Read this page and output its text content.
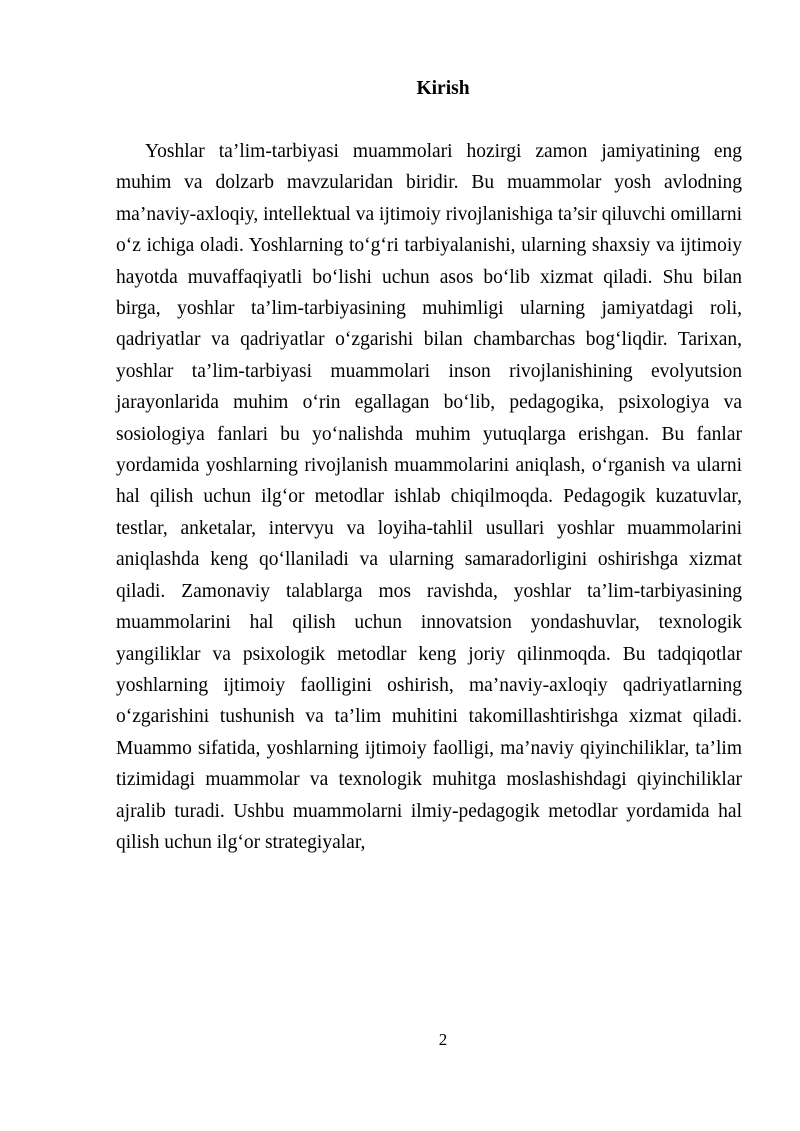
Kirish

Yoshlar ta’lim-tarbiyasi muammolari hozirgi zamon jamiyatining eng muhim va dolzarb mavzularidan biridir. Bu muammolar yosh avlodning ma’naviy-axloqiy, intellektual va ijtimoiy rivojlanishiga ta’sir qiluvchi omillarni o‘z ichiga oladi. Yoshlarning to‘g‘ri tarbiyalanishi, ularning shaxsiy va ijtimoiy hayotda muvaffaqiyatli bo‘lishi uchun asos bo‘lib xizmat qiladi. Shu bilan birga, yoshlar ta’lim-tarbiyasining muhimligi ularning jamiyatdagi roli, qadriyatlar va qadriyatlar o‘zgarishi bilan chambarchas bog‘liqdir. Tarixan, yoshlar ta’lim-tarbiyasi muammolari inson rivojlanishining evolyutsion jarayonlarida muhim o‘rin egallagan bo‘lib, pedagogika, psixologiya va sosiologiya fanlari bu yo‘nalishda muhim yutuqlarga erishgan. Bu fanlar yordamida yoshlarning rivojlanish muammolarini aniqlash, o‘rganish va ularni hal qilish uchun ilg‘or metodlar ishlab chiqilmoqda. Pedagogik kuzatuvlar, testlar, anketalar, intervyu va loyiha-tahlil usullari yoshlar muammolarini aniqlashda keng qo‘llaniladi va ularning samaradorligini oshirishga xizmat qiladi. Zamonaviy talablarga mos ravishda, yoshlar ta’lim-tarbiyasining muammolarini hal qilish uchun innovatsion yondashuvlar, texnologik yangiliklar va psixologik metodlar keng joriy qilinmoqda. Bu tadqiqotlar yoshlarning ijtimoiy faolligini oshirish, ma’naviy-axloqiy qadriyatlarning o‘zgarishini tushunish va ta’lim muhitini takomillashtirishga xizmat qiladi. Muammo sifatida, yoshlarning ijtimoiy faolligi, ma’naviy qiyinchiliklar, ta’lim tizimidagi muammolar va texnologik muhitga moslashishdagi qiyinchiliklar ajralib turadi. Ushbu muammolarni ilmiy-pedagogik metodlar yordamida hal qilish uchun ilg‘or strategiyalar,

2
